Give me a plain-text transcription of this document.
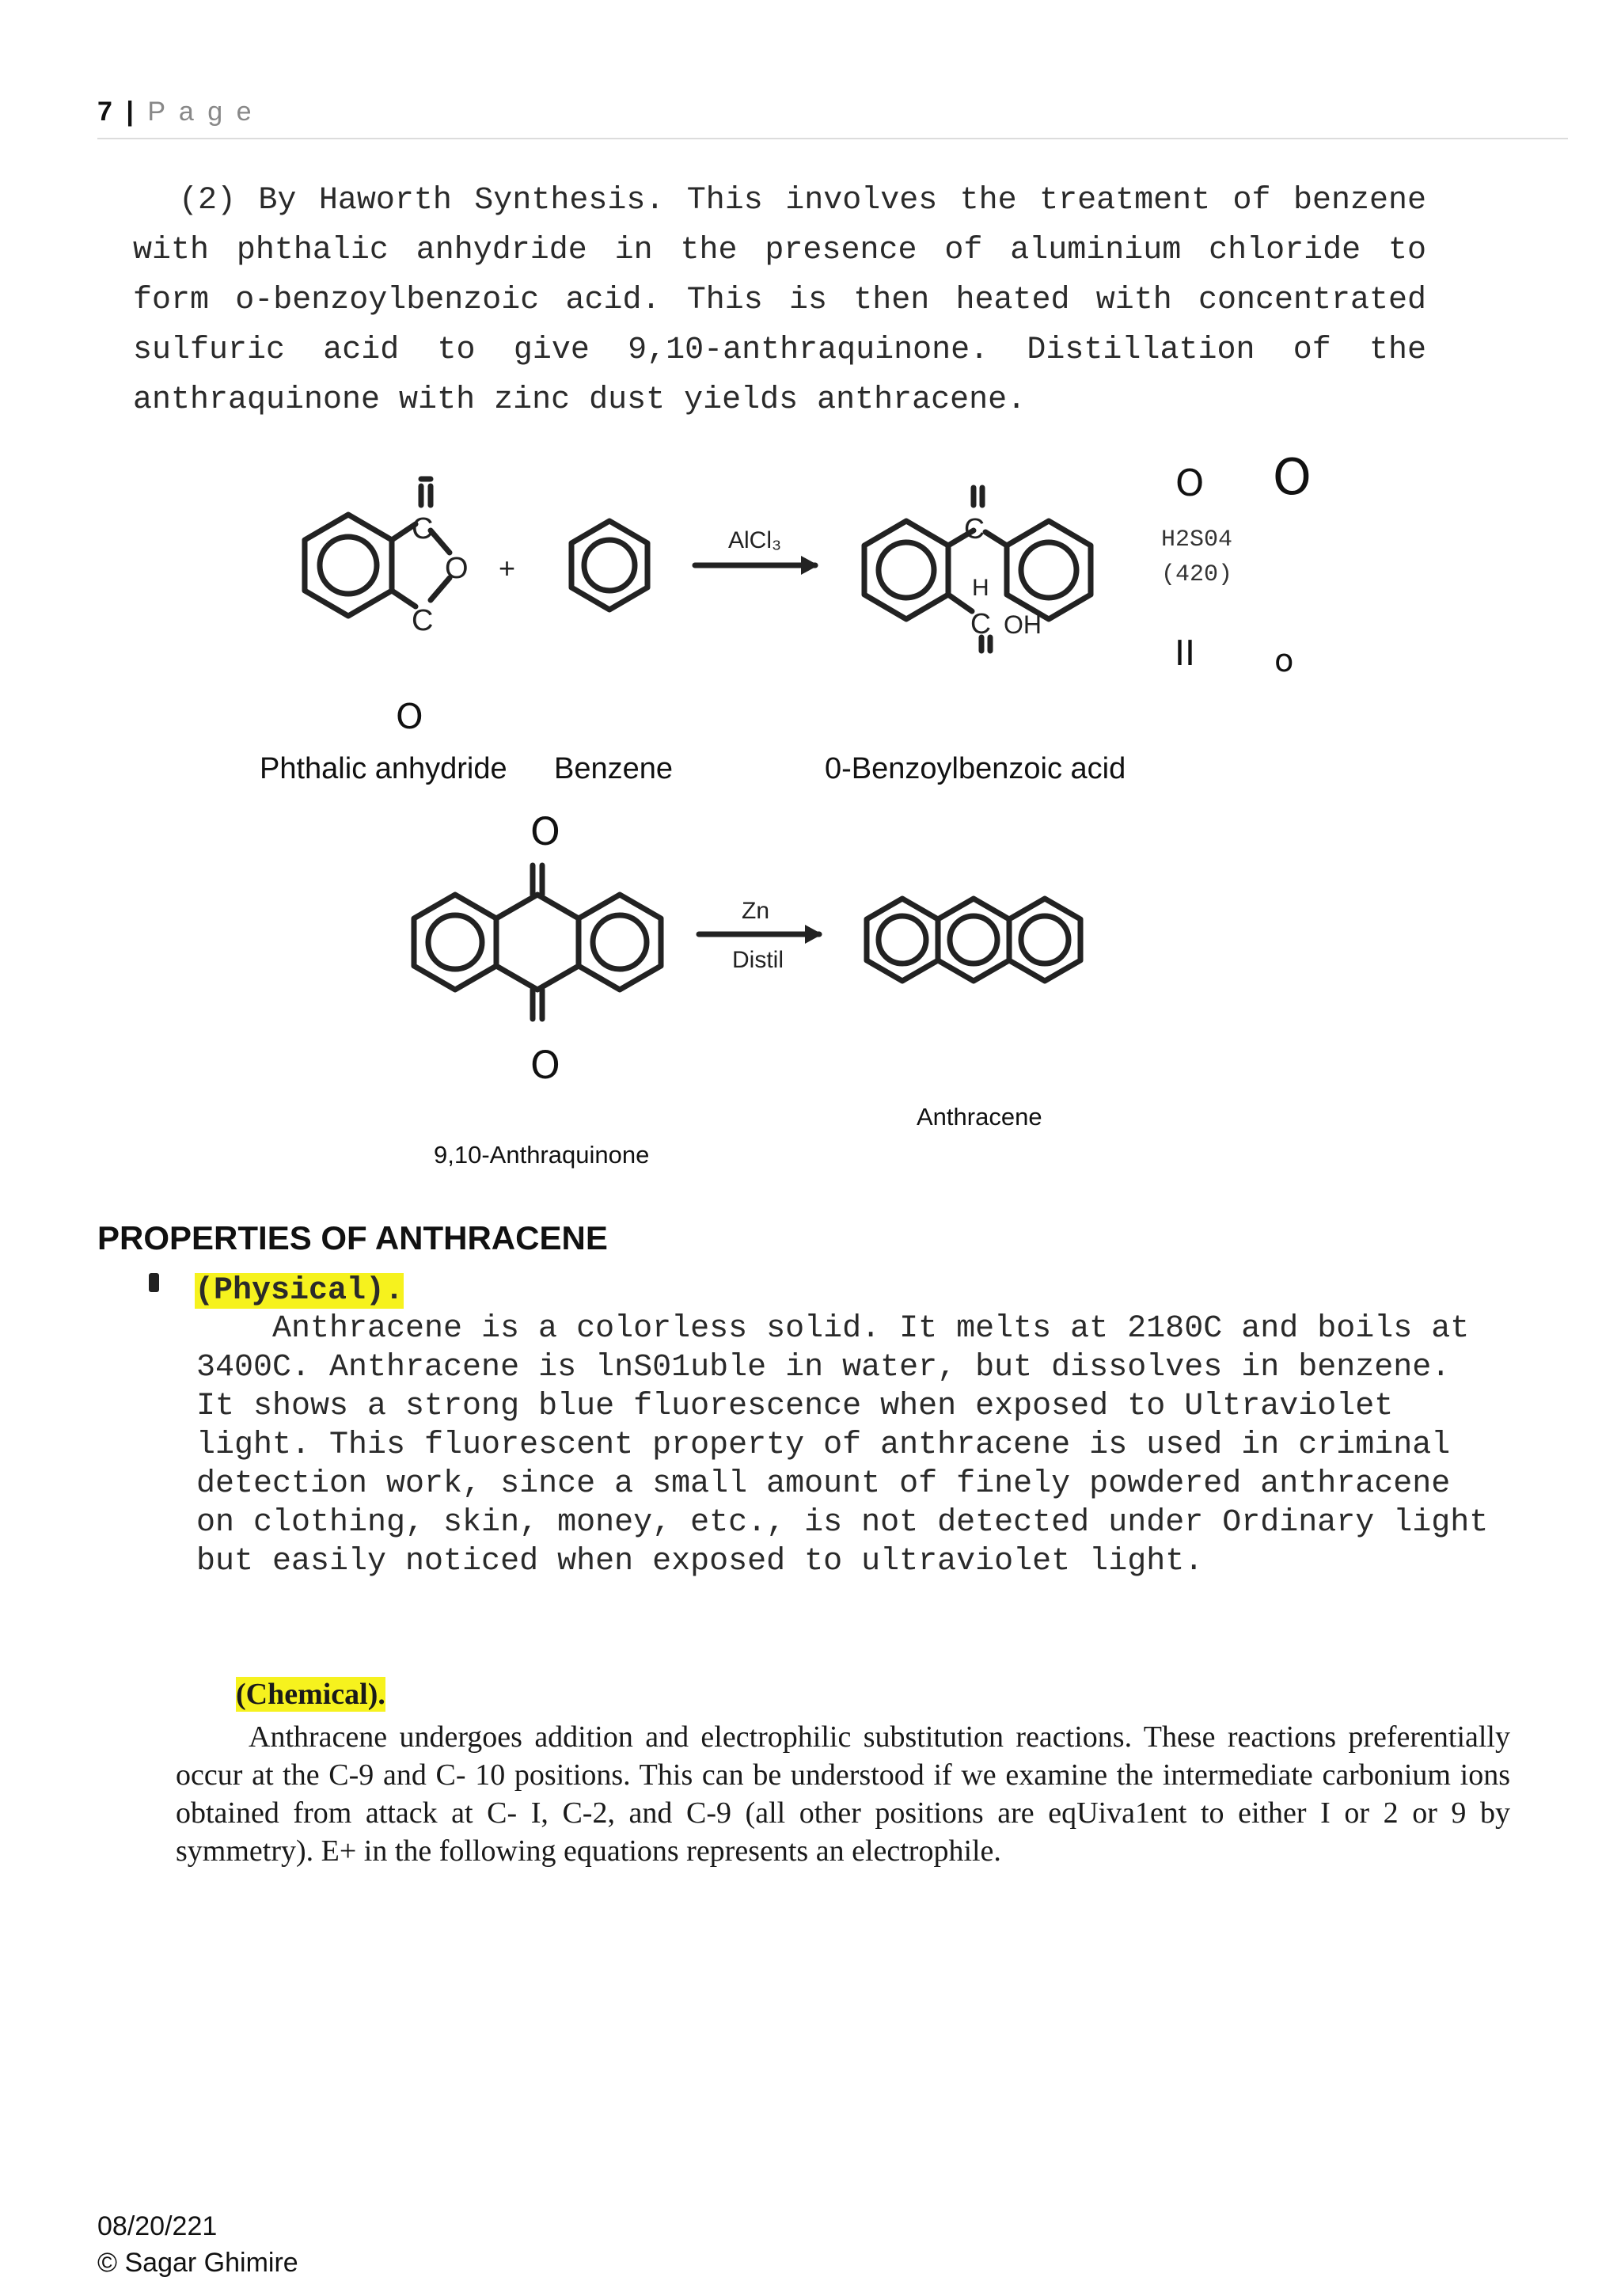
7 | P a g e

(2) By Haworth Synthesis. This involves the treatment of benzene with phthalic anhydride in the presence of aluminium chloride to form o-benzoylbenzoic acid. This is then heated with concentrated sulfuric acid to give 9,10-anthraquinone. Distillation of the anthraquinone with zinc dust yields anthracene.

C
C
O +
AlCl₃	C
H
C OH
O O
H2S04
(420)
II	o
O
Phthalic anhydride Benzene	0-Benzoylbenzoic acid
O
Zn
Distil
O
Anthracene
9,10-Anthraquinone
PROPERTIES OF ANTHRACENE
(Physical).
Anthracene is a colorless solid. It melts at 2180C and boils at 3400C. Anthracene is lnS01uble in water, but dissolves in benzene. It shows a strong blue fluorescence when exposed to Ultraviolet light. This fluorescent property of anthracene is used in criminal detection work, since a small amount of finely powdered anthracene on clothing, skin, money, etc., is not detected under Ordinary light but easily noticed when exposed to ultraviolet light.
(Chemical).
Anthracene undergoes addition and electrophilic substitution reactions. These reactions preferentially occur at the C-9 and C- 10 positions. This can be understood if we examine the intermediate carbonium ions obtained from attack at C- I, C-2, and C-9 (all other positions are eqUiva1ent to either I or 2 or 9 by symmetry). E+ in the following equations represents an electrophile.
08/20/221
© Sagar Ghimire
